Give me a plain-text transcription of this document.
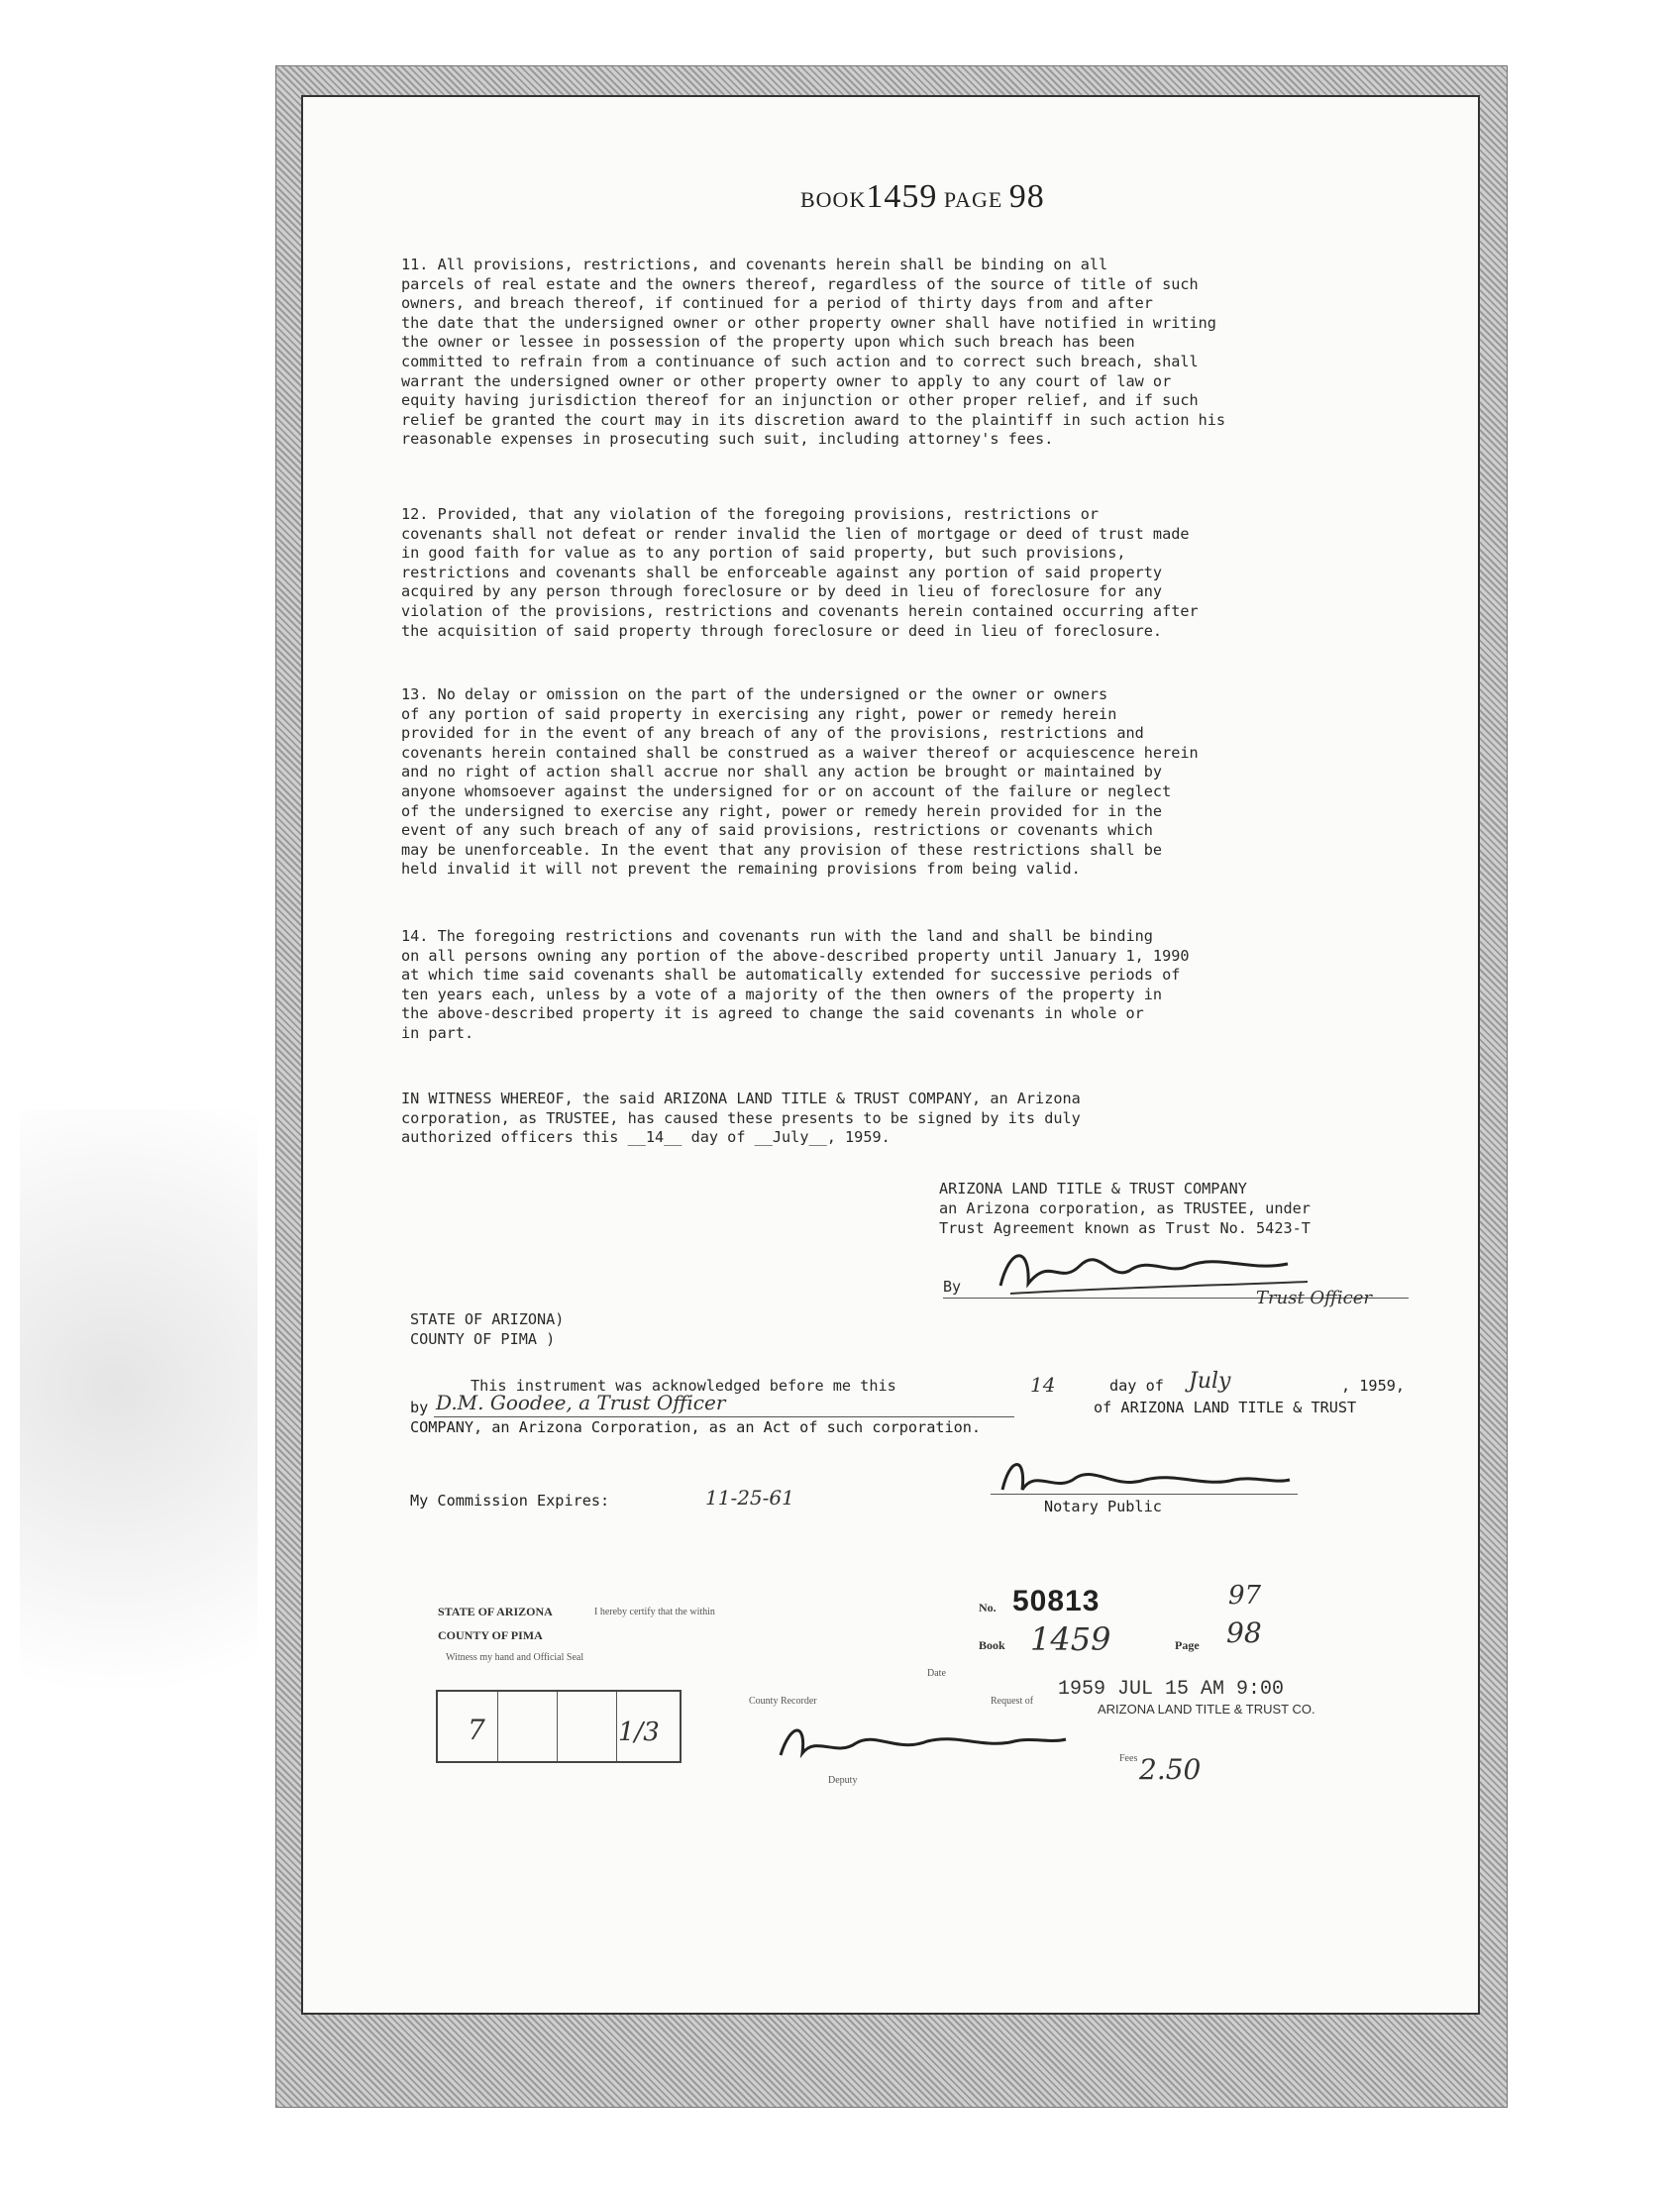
BOOK1459 PAGE 98

11. All provisions, restrictions, and covenants herein shall be binding on all
parcels of real estate and the owners thereof, regardless of the source of title of such
owners, and breach thereof, if continued for a period of thirty days from and after
the date that the undersigned owner or other property owner shall have notified in writing
the owner or lessee in possession of the property upon which such breach has been
committed to refrain from a continuance of such action and to correct such breach, shall
warrant the undersigned owner or other property owner to apply to any court of law or
equity having jurisdiction thereof for an injunction or other proper relief, and if such
relief be granted the court may in its discretion award to the plaintiff in such action his
reasonable expenses in prosecuting such suit, including attorney's fees.

12. Provided, that any violation of the foregoing provisions, restrictions or
covenants shall not defeat or render invalid the lien of mortgage or deed of trust made
in good faith for value as to any portion of said property, but such provisions,
restrictions and covenants shall be enforceable against any portion of said property
acquired by any person through foreclosure or by deed in lieu of foreclosure for any
violation of the provisions, restrictions and covenants herein contained occurring after
the acquisition of said property through foreclosure or deed in lieu of foreclosure.

13. No delay or omission on the part of the undersigned or the owner or owners
of any portion of said property in exercising any right, power or remedy herein
provided for in the event of any breach of any of the provisions, restrictions and
covenants herein contained shall be construed as a waiver thereof or acquiescence herein
and no right of action shall accrue nor shall any action be brought or maintained by
anyone whomsoever against the undersigned for or on account of the failure or neglect
of the undersigned to exercise any right, power or remedy herein provided for in the
event of any such breach of any of said provisions, restrictions or covenants which
may be unenforceable. In the event that any provision of these restrictions shall be
held invalid it will not prevent the remaining provisions from being valid.

14. The foregoing restrictions and covenants run with the land and shall be binding
on all persons owning any portion of the above-described property until January 1, 1990
at which time said covenants shall be automatically extended for successive periods of
ten years each, unless by a vote of a majority of the then owners of the property in
the above-described property it is agreed to change the said covenants in whole or
in part.

IN WITNESS WHEREOF, the said ARIZONA LAND TITLE & TRUST COMPANY, an Arizona
corporation, as TRUSTEE, has caused these presents to be signed by its duly
authorized officers this __14__ day of __July__, 1959.

ARIZONA LAND TITLE & TRUST COMPANY
an Arizona corporation, as TRUSTEE, under
Trust Agreement known as Trust No. 5423-T
By
Trust Officer
STATE OF ARIZONA)
COUNTY OF PIMA )
This instrument was acknowledged before me this	14	day of July	, 1959,
by D.M. Goodee, a Trust Officer	of ARIZONA LAND TITLE & TRUST
COMPANY, an Arizona Corporation, as an Act of such corporation.
Notary Public
My Commission Expires:	11-25-61
STATE OF ARIZONA
COUNTY OF PIMA
I hereby certify that the within
Witness my hand and Official Seal
No. 50813	97
Book 1459	Page 98
Date
1959 JUL 15 AM 9:00
Request of
ARIZONA LAND TITLE & TRUST CO.
County Recorder
Deputy
Fees 2.50
7	1/3
